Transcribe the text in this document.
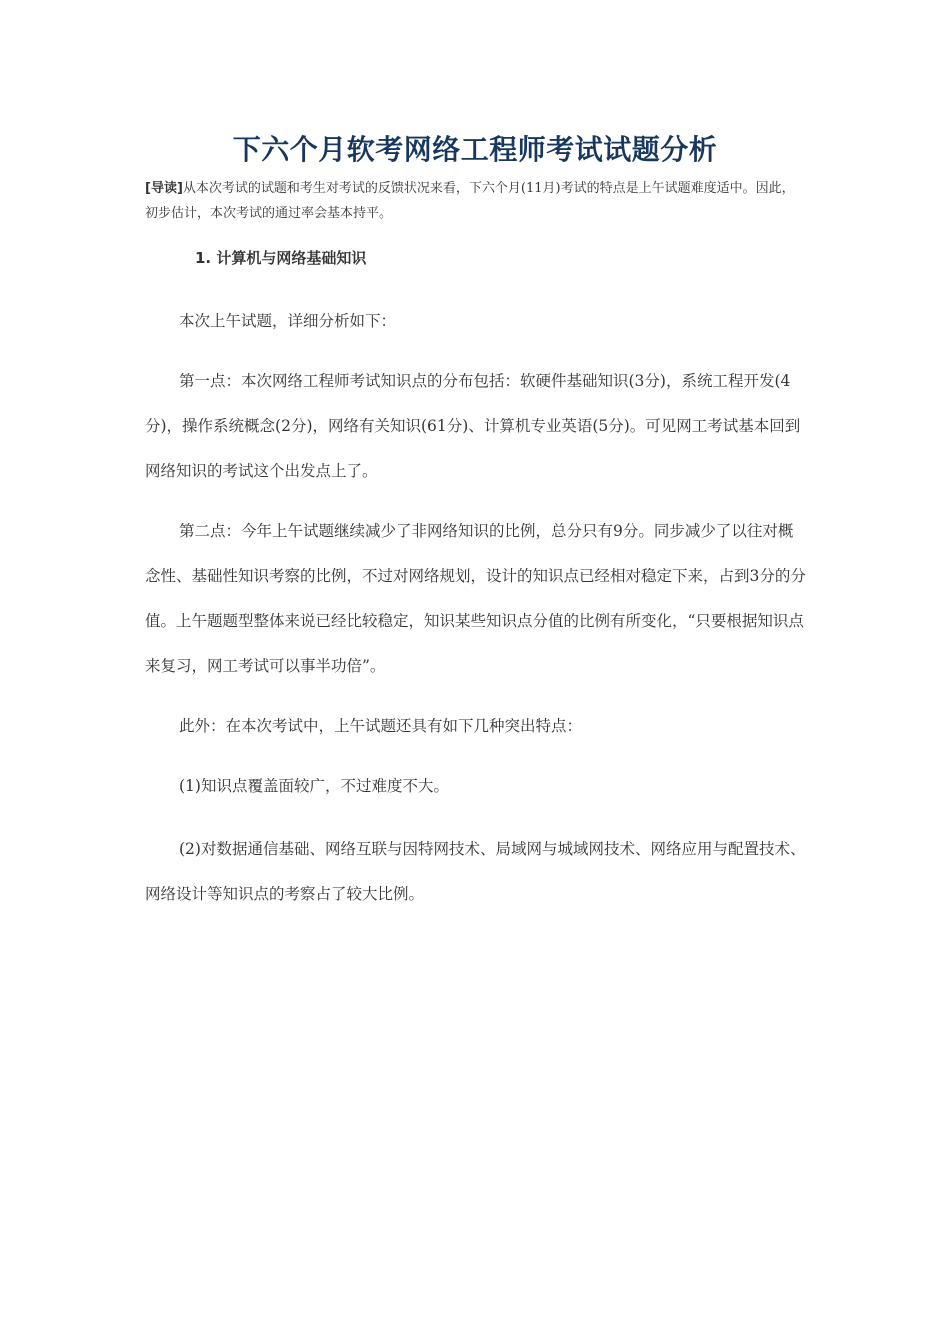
下六个月软考网络工程师考试试题分析

[导读]从本次考试的试题和考生对考试的反馈状况来看，下六个月(11月)考试的特点是上午试题难度适中。因此，初步估计，本次考试的通过率会基本持平。

1. 计算机与网络基础知识

本次上午试题，详细分析如下：

第一点：本次网络工程师考试知识点的分布包括：软硬件基础知识(3分)，系统工程开发(4分)，操作系统概念(2分)，网络有关知识(61分)、计算机专业英语(5分)。可见网工考试基本回到网络知识的考试这个出发点上了。

第二点：今年上午试题继续减少了非网络知识的比例，总分只有9分。同步减少了以往对概念性、基础性知识考察的比例，不过对网络规划，设计的知识点已经相对稳定下来，占到3分的分值。上午题题型整体来说已经比较稳定，知识某些知识点分值的比例有所变化，“只要根据知识点来复习，网工考试可以事半功倍”。

此外：在本次考试中，上午试题还具有如下几种突出特点：

(1)知识点覆盖面较广，不过难度不大。

(2)对数据通信基础、网络互联与因特网技术、局域网与城域网技术、网络应用与配置技术、网络设计等知识点的考察占了较大比例。
